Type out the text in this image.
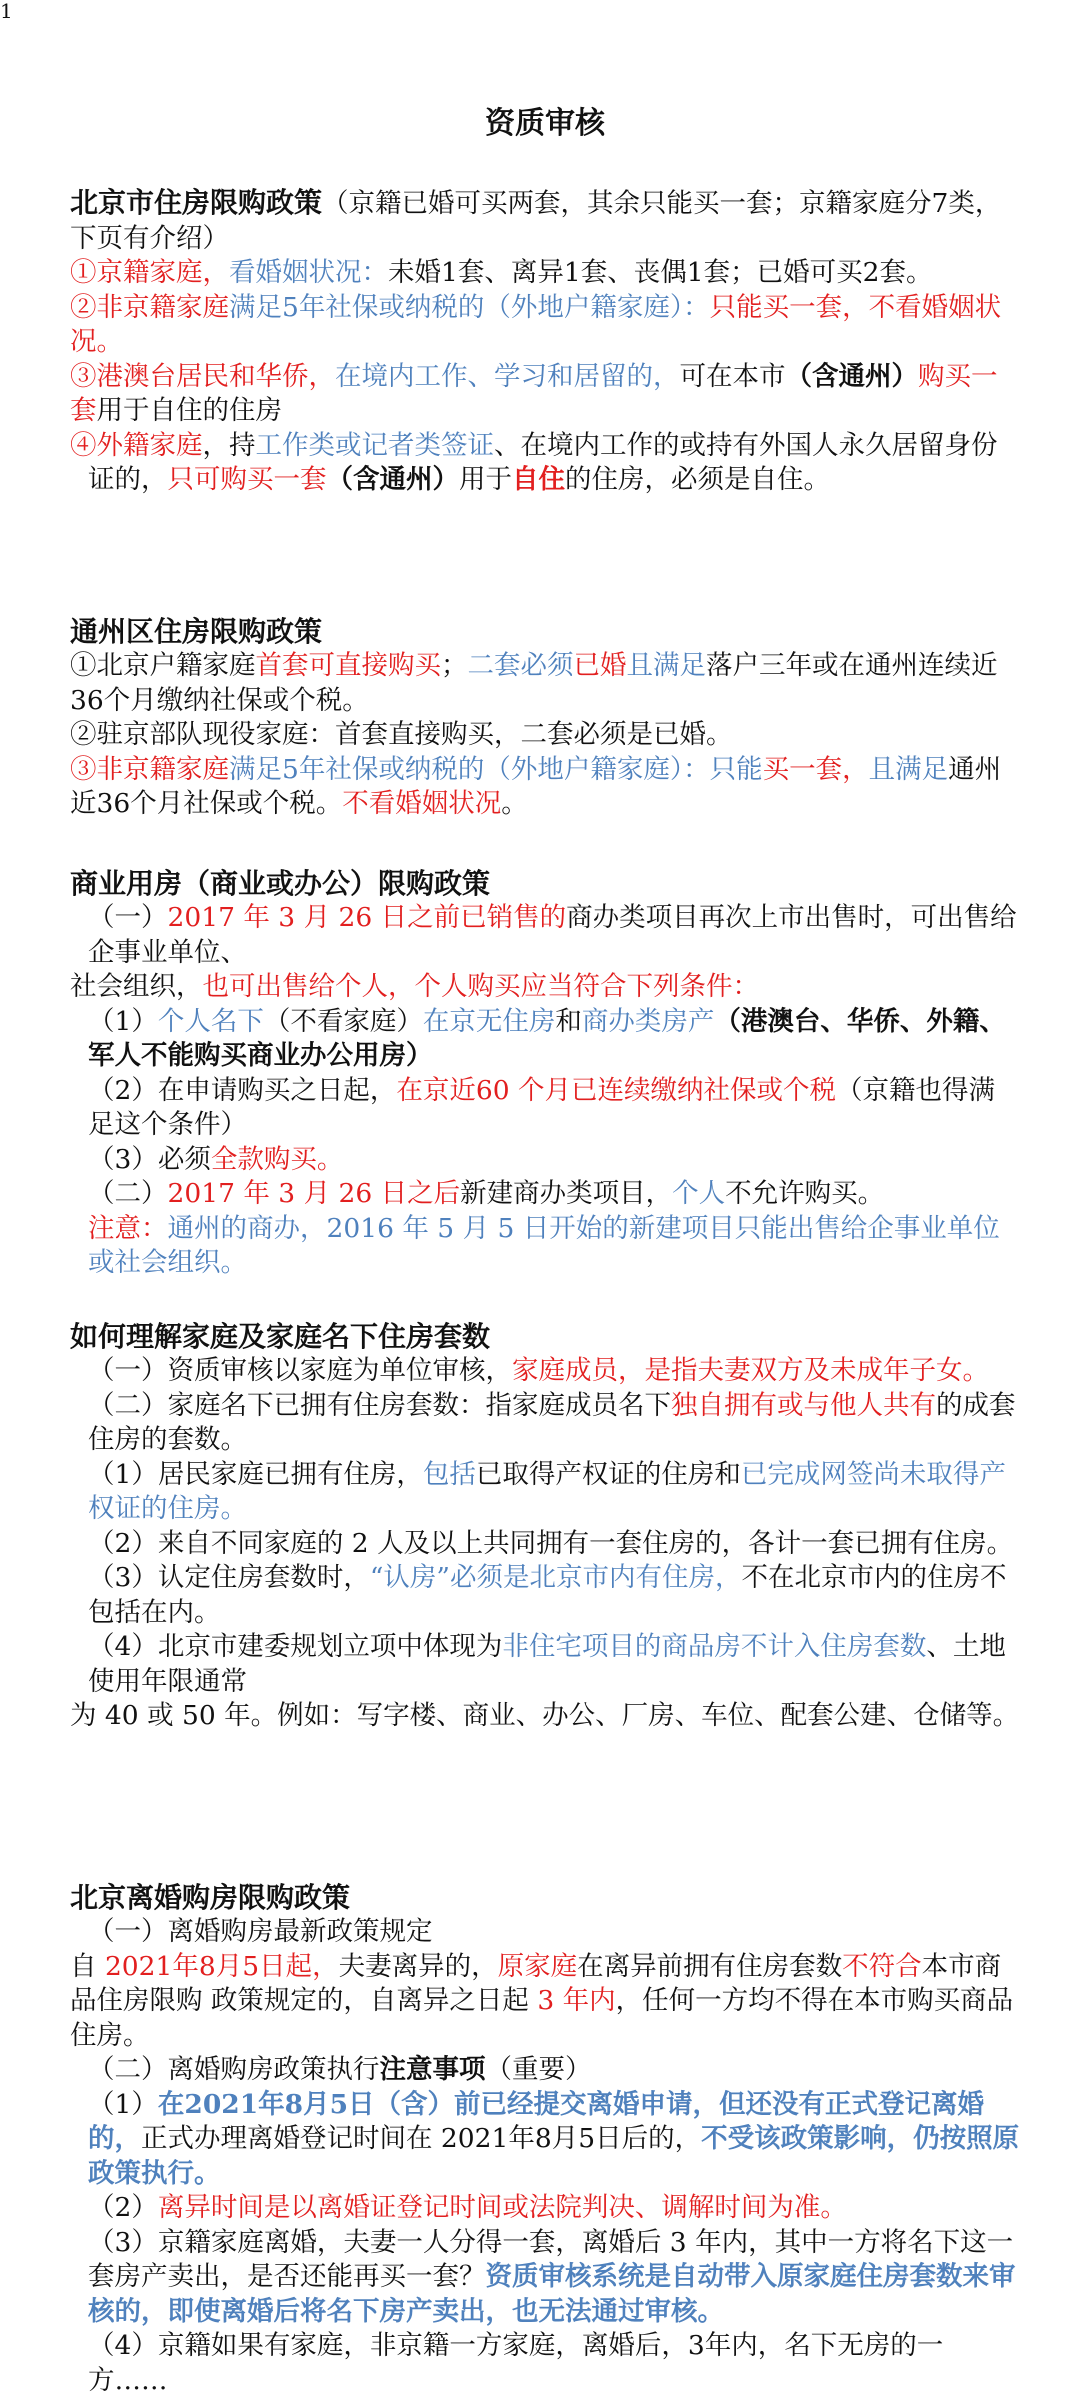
1
资质审核

北京市住房限购政策（京籍已婚可买两套，其余只能买一套；京籍家庭分7类，下页有介绍）

①京籍家庭，看婚姻状况：未婚1套、离异1套、丧偶1套；已婚可买2套。

②非京籍家庭满足5年社保或纳税的（外地户籍家庭）：只能买一套，不看婚姻状况。

③港澳台居民和华侨，在境内工作、学习和居留的，可在本市（含通州）购买一套用于自住的住房

④外籍家庭，持工作类或记者类签证、在境内工作的或持有外国人永久居留身份证的，只可购买一套（含通州）用于自住的住房，必须是自住。

通州区住房限购政策

①北京户籍家庭首套可直接购买；二套必须已婚且满足落户三年或在通州连续近36个月缴纳社保或个税。

②驻京部队现役家庭：首套直接购买，二套必须是已婚。

③非京籍家庭满足5年社保或纳税的（外地户籍家庭）：只能买一套，且满足通州近36个月社保或个税。不看婚姻状况。

商业用房（商业或办公）限购政策

（一）2017 年 3 月 26 日之前已销售的商办类项目再次上市出售时，可出售给企事业单位、

社会组织，也可出售给个人，个人购买应当符合下列条件：

（1）个人名下（不看家庭）在京无住房和商办类房产（港澳台、华侨、外籍、军人不能购买商业办公用房）

（2）在申请购买之日起，在京近60 个月已连续缴纳社保或个税（京籍也得满足这个条件）

（3）必须全款购买。

（二）2017 年 3 月 26 日之后新建商办类项目，个人不允许购买。

注意：通州的商办，2016 年 5 月 5 日开始的新建项目只能出售给企事业单位或社会组织。

如何理解家庭及家庭名下住房套数

（一）资质审核以家庭为单位审核，家庭成员，是指夫妻双方及未成年子女。

（二）家庭名下已拥有住房套数：指家庭成员名下独自拥有或与他人共有的成套住房的套数。

（1）居民家庭已拥有住房，包括已取得产权证的住房和已完成网签尚未取得产权证的住房。

（2）来自不同家庭的 2 人及以上共同拥有一套住房的，各计一套已拥有住房。

（3）认定住房套数时，“认房”必须是北京市内有住房，不在北京市内的住房不包括在内。

（4）北京市建委规划立项中体现为非住宅项目的商品房不计入住房套数、土地使用年限通常

为 40 或 50 年。例如：写字楼、商业、办公、厂房、车位、配套公建、仓储等。

北京离婚购房限购政策

（一）离婚购房最新政策规定

自 2021年8月5日起，夫妻离异的，原家庭在离异前拥有住房套数不符合本市商品住房限购 政策规定的，自离异之日起 3 年内，任何一方均不得在本市购买商品住房。

（二）离婚购房政策执行注意事项（重要）

（1）在2021年8月5日（含）前已经提交离婚申请，但还没有正式登记离婚的，正式办理离婚登记时间在 2021年8月5日后的，不受该政策影响，仍按照原政策执行。

（2）离异时间是以离婚证登记时间或法院判决、调解时间为准。

（3）京籍家庭离婚，夫妻一人分得一套，离婚后 3 年内，其中一方将名下这一套房产卖出，是否还能再买一套？资质审核系统是自动带入原家庭住房套数来审核的，即使离婚后将名下房产卖出，也无法通过审核。

（4）京籍如果有家庭，非京籍一方家庭，离婚后，3年内，名下无房的一方……
